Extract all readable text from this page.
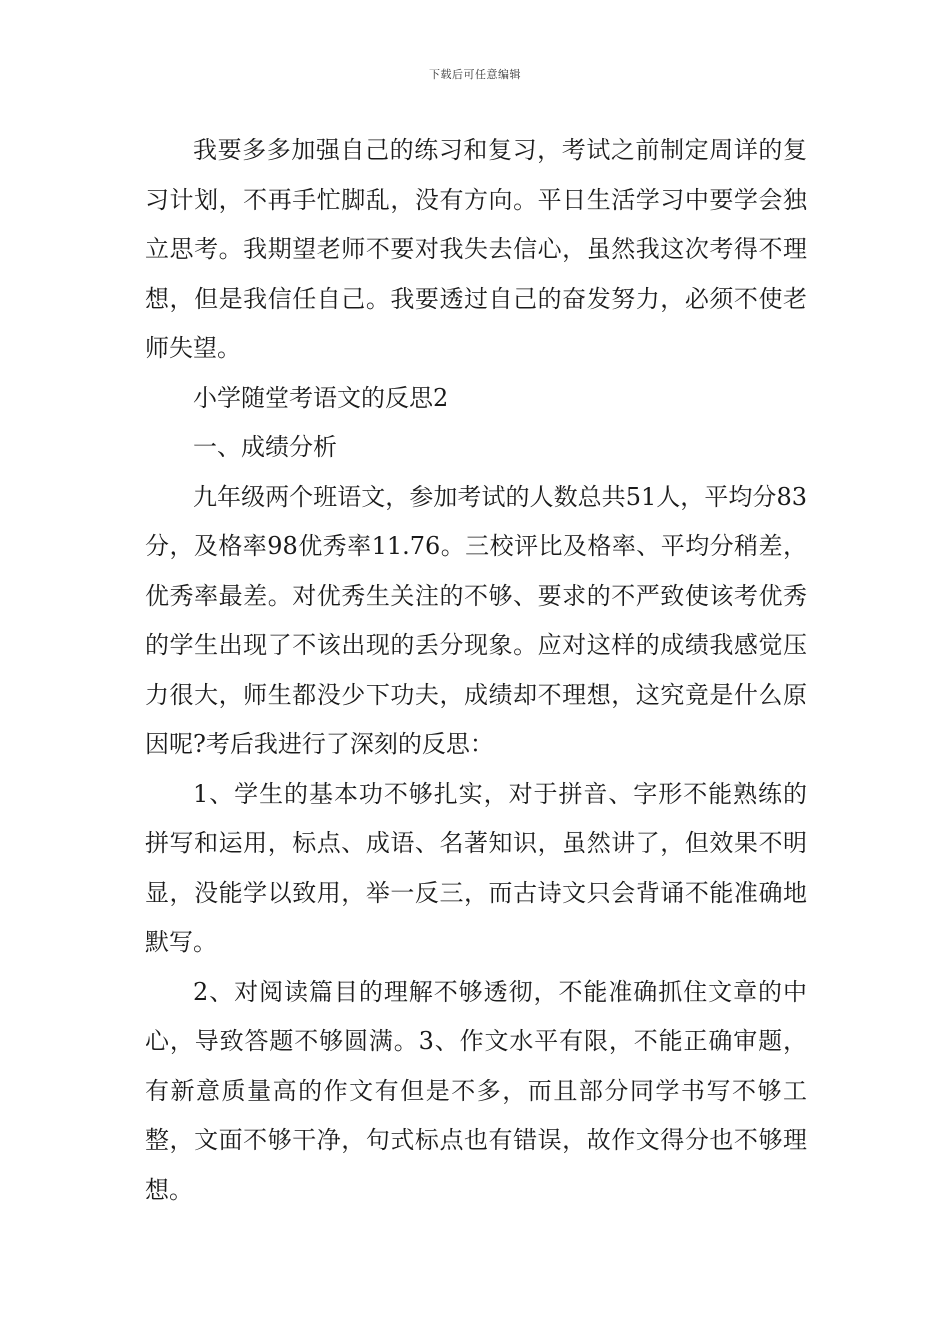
下载后可任意编辑

我要多多加强自己的练习和复习，考试之前制定周详的复习计划，不再手忙脚乱，没有方向。平日生活学习中要学会独立思考。我期望老师不要对我失去信心，虽然我这次考得不理想，但是我信任自己。我要透过自己的奋发努力，必须不使老师失望。

小学随堂考语文的反思2

一、成绩分析

九年级两个班语文，参加考试的人数总共51人，平均分83分，及格率98优秀率11.76。三校评比及格率、平均分稍差，优秀率最差。对优秀生关注的不够、要求的不严致使该考优秀的学生出现了不该出现的丢分现象。应对这样的成绩我感觉压力很大，师生都没少下功夫，成绩却不理想，这究竟是什么原因呢?考后我进行了深刻的反思：

1、学生的基本功不够扎实，对于拼音、字形不能熟练的拼写和运用，标点、成语、名著知识，虽然讲了，但效果不明显，没能学以致用，举一反三，而古诗文只会背诵不能准确地默写。

2、对阅读篇目的理解不够透彻，不能准确抓住文章的中心，导致答题不够圆满。3、作文水平有限，不能正确审题，有新意质量高的作文有但是不多，而且部分同学书写不够工整，文面不够干净，句式标点也有错误，故作文得分也不够理想。
